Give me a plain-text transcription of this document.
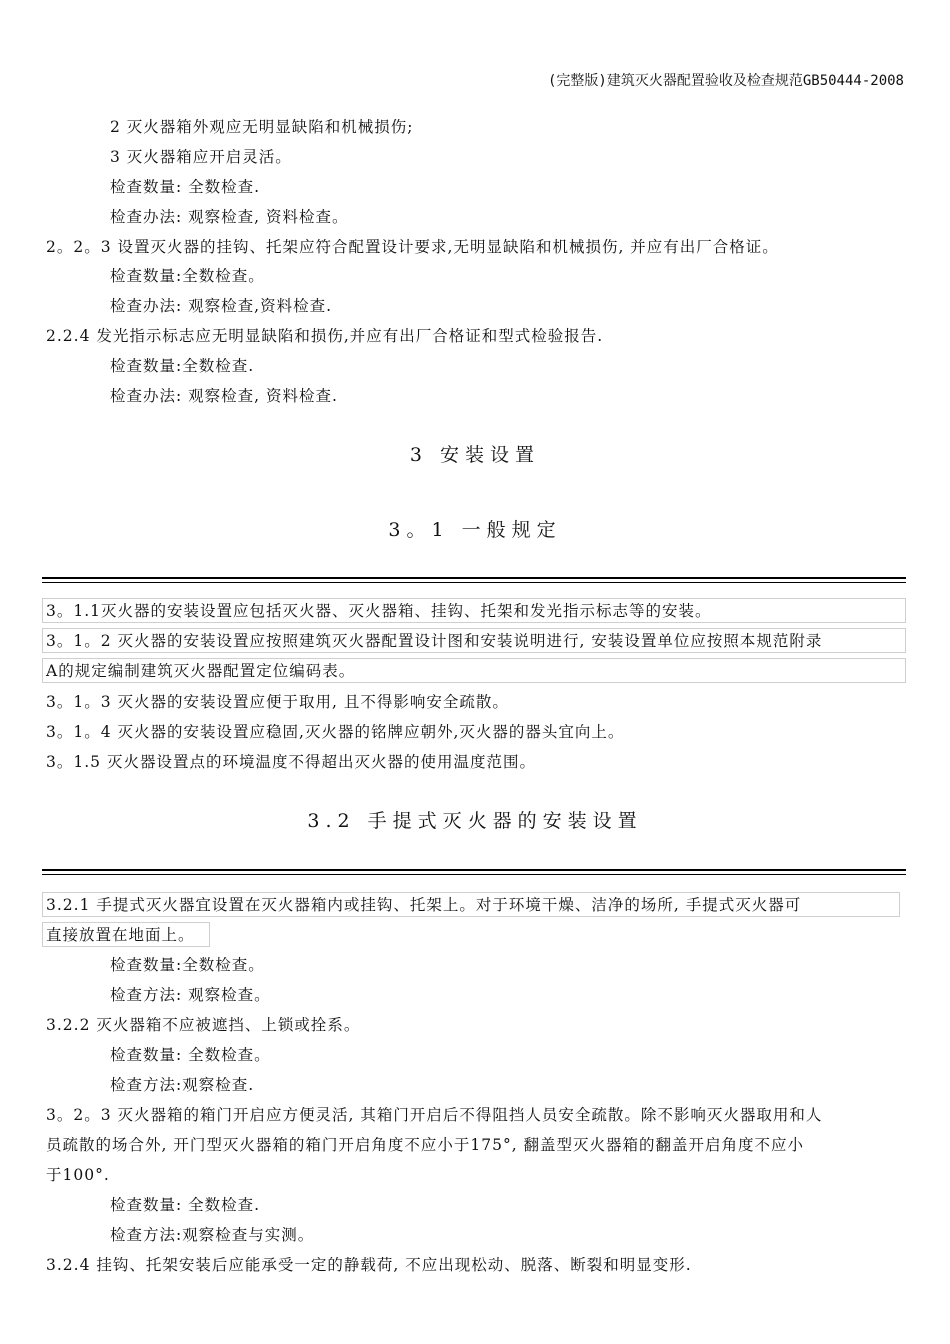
(完整版)建筑灭火器配置验收及检查规范GB50444-2008
2 灭火器箱外观应无明显缺陷和机械损伤;
3 灭火器箱应开启灵活。
检查数量: 全数检查.
检查办法: 观察检查, 资料检查。
2。2。3 设置灭火器的挂钩、托架应符合配置设计要求,无明显缺陷和机械损伤, 并应有出厂合格证。
检查数量:全数检查。
检查办法: 观察检查,资料检查.
2.2.4 发光指示标志应无明显缺陷和损伤,并应有出厂合格证和型式检验报告.
检查数量:全数检查.
检查办法: 观察检查, 资料检查.
3 安装设置
3。1 一般规定
3。1.1灭火器的安装设置应包括灭火器、灭火器箱、挂钩、托架和发光指示标志等的安装。
3。1。2 灭火器的安装设置应按照建筑灭火器配置设计图和安装说明进行, 安装设置单位应按照本规范附录
A的规定编制建筑灭火器配置定位编码表。
3。1。3 灭火器的安装设置应便于取用, 且不得影响安全疏散。
3。1。4 灭火器的安装设置应稳固,灭火器的铭牌应朝外,灭火器的器头宜向上。
3。1.5 灭火器设置点的环境温度不得超出灭火器的使用温度范围。
3.2 手提式灭火器的安装设置
3.2.1 手提式灭火器宜设置在灭火器箱内或挂钩、托架上。对于环境干燥、洁净的场所, 手提式灭火器可
直接放置在地面上。
检查数量:全数检查。
检查方法: 观察检查。
3.2.2 灭火器箱不应被遮挡、上锁或拴系。
检查数量: 全数检查。
检查方法:观察检查.
3。2。3 灭火器箱的箱门开启应方便灵活, 其箱门开启后不得阻挡人员安全疏散。除不影响灭火器取用和人
员疏散的场合外, 开门型灭火器箱的箱门开启角度不应小于175°, 翻盖型灭火器箱的翻盖开启角度不应小
于100°.
检查数量: 全数检查.
检查方法:观察检查与实测。
3.2.4 挂钩、托架安装后应能承受一定的静载荷, 不应出现松动、脱落、断裂和明显变形.
